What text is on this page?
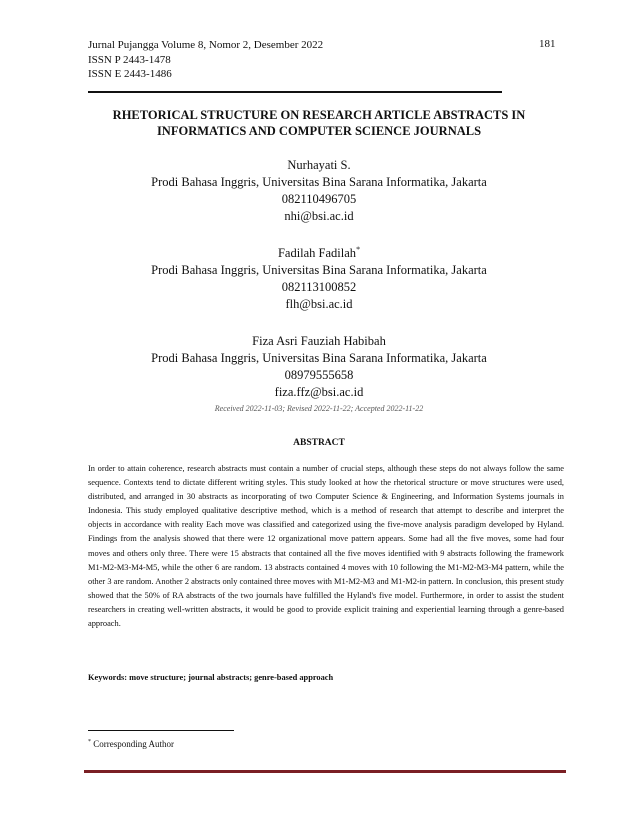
Jurnal Pujangga Volume 8, Nomor 2, Desember 2022
ISSN P 2443-1478
ISSN E 2443-1486
181
RHETORICAL STRUCTURE ON RESEARCH ARTICLE ABSTRACTS IN
INFORMATICS AND COMPUTER SCIENCE JOURNALS
Nurhayati S.
Prodi Bahasa Inggris, Universitas Bina Sarana Informatika, Jakarta
082110496705
nhi@bsi.ac.id
Fadilah Fadilah*
Prodi Bahasa Inggris, Universitas Bina Sarana Informatika, Jakarta
082113100852
flh@bsi.ac.id
Fiza Asri Fauziah Habibah
Prodi Bahasa Inggris, Universitas Bina Sarana Informatika, Jakarta
08979555658
fiza.ffz@bsi.ac.id
Received 2022-11-03; Revised 2022-11-22; Accepted 2022-11-22
ABSTRACT
In order to attain coherence, research abstracts must contain a number of crucial steps, although these steps do not always follow the same sequence. Contexts tend to dictate different writing styles. This study looked at how the rhetorical structure or move structures were used, distributed, and arranged in 30 abstracts as incorporating of two Computer Science & Engineering, and Information Systems journals in Indonesia. This study employed qualitative descriptive method, which is a method of research that attempt to describe and interpret the objects in accordance with reality Each move was classified and categorized using the five-move analysis paradigm developed by Hyland. Findings from the analysis showed that there were 12 organizational move pattern appears. Some had all the five moves, some had four moves and others only three. There were 15 abstracts that contained all the five moves identified with 9 abstracts following the framework M1-M2-M3-M4-M5, while the other 6 are random. 13 abstracts contained 4 moves with 10 following the M1-M2-M3-M4 pattern, while the other 3 are random. Another 2 abstracts only contained three moves with M1-M2-M3 and M1-M2-in pattern. In conclusion, this present study showed that the 50% of RA abstracts of the two journals have fulfilled the Hyland's five model. Furthermore, in order to assist the student researchers in creating well-written abstracts, it would be good to provide explicit training and experiential learning through a genre-based approach.
Keywords: move structure; journal abstracts; genre-based approach
* Corresponding Author
